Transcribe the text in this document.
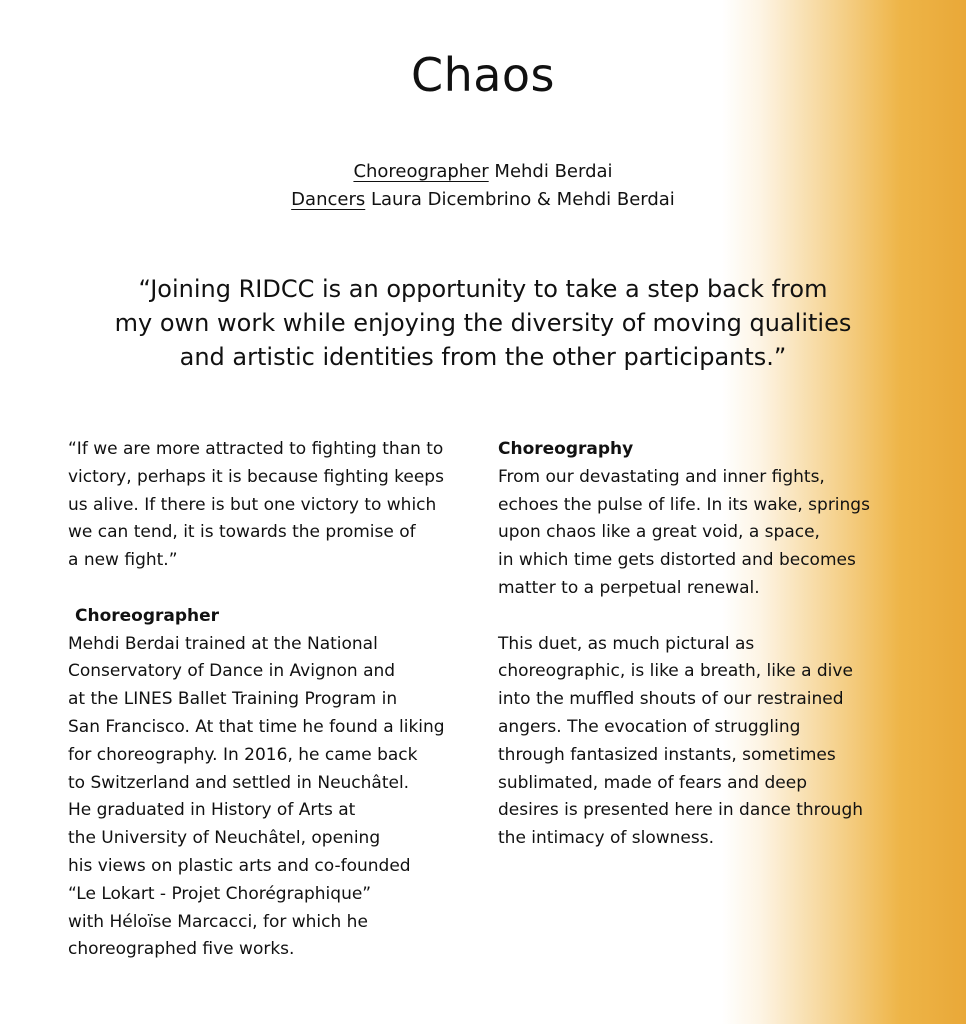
Chaos
Choreographer Mehdi Berdai
Dancers Laura Dicembrino & Mehdi Berdai
“Joining RIDCC is an opportunity to take a step back from
my own work while enjoying the diversity of moving qualities
and artistic identities from the other participants.”
“If we are more attracted to fighting than to
victory, perhaps it is because fighting keeps
us alive. If there is but one victory to which
we can tend, it is towards the promise of
a new fight.”
Choreographer
Mehdi Berdai trained at the National
Conservatory of Dance in Avignon and
at the LINES Ballet Training Program in
San Francisco. At that time he found a liking
for choreography. In 2016, he came back
to Switzerland and settled in Neuchâtel.
He graduated in History of Arts at
the University of Neuchâtel, opening
his views on plastic arts and co-founded
“Le Lokart - Projet Chorégraphique”
with Héloïse Marcacci, for which he
choreographed five works.
Choreography
From our devastating and inner fights,
echoes the pulse of life. In its wake, springs
upon chaos like a great void, a space,
in which time gets distorted and becomes
matter to a perpetual renewal.
This duet, as much pictural as
choreographic, is like a breath, like a dive
into the muffled shouts of our restrained
angers. The evocation of struggling
through fantasized instants, sometimes
sublimated, made of fears and deep
desires is presented here in dance through
the intimacy of slowness.
